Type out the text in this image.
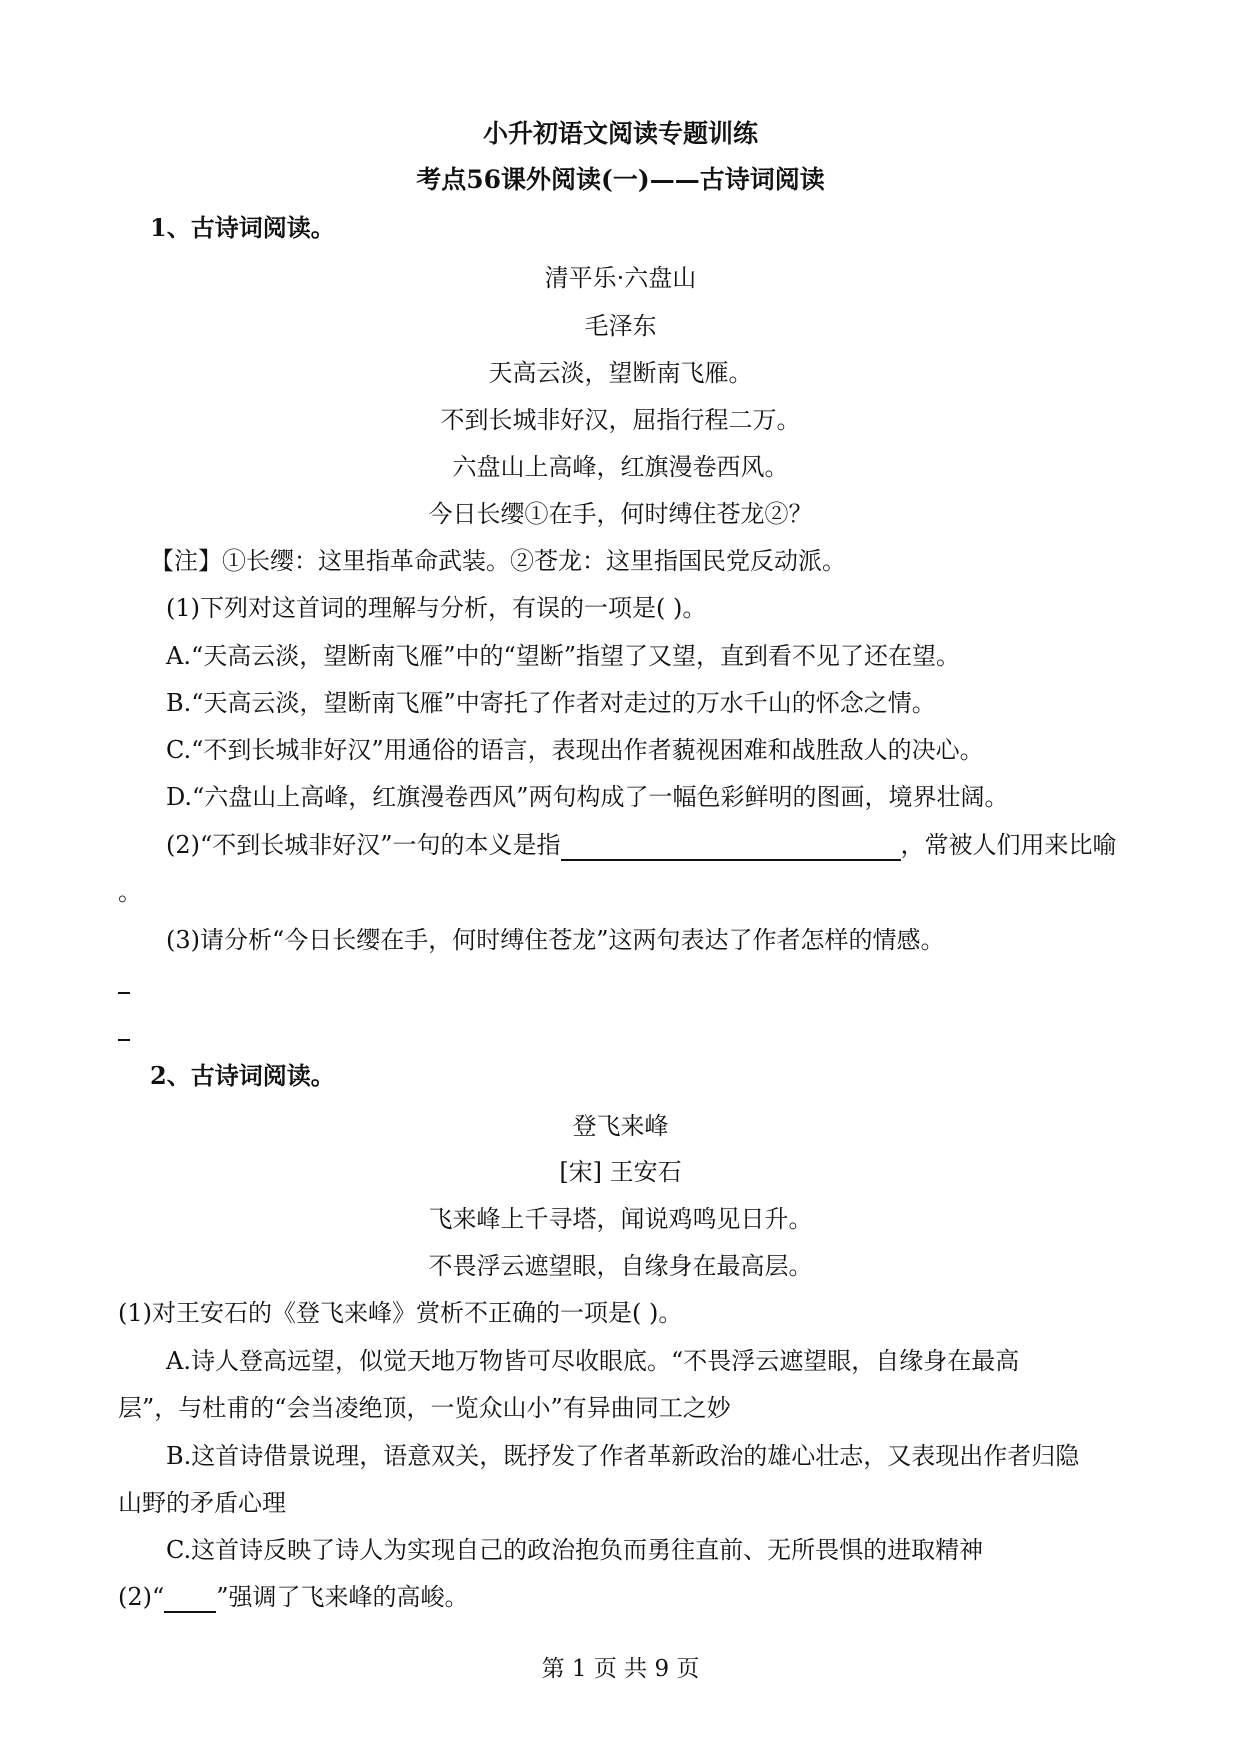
小升初语文阅读专题训练
考点56课外阅读(一)——古诗词阅读
1、古诗词阅读。
清平乐·六盘山
毛泽东
天高云淡，望断南飞雁。
不到长城非好汉，屈指行程二万。
六盘山上高峰，红旗漫卷西风。
今日长缨①在手，何时缚住苍龙②？
【注】①长缨：这里指革命武装。②苍龙：这里指国民党反动派。
(1)下列对这首词的理解与分析，有误的一项是( )。
A.“天高云淡，望断南飞雁”中的“望断”指望了又望，直到看不见了还在望。
B.“天高云淡，望断南飞雁”中寄托了作者对走过的万水千山的怀念之情。
C.“不到长城非好汉”用通俗的语言，表现出作者藐视困难和战胜敌人的决心。
D.“六盘山上高峰，红旗漫卷西风”两句构成了一幅色彩鲜明的图画，境界壮阔。
(2)“不到长城非好汉”一句的本义是指	，常被人们用来比喻
。
(3)请分析“今日长缨在手，何时缚住苍龙”这两句表达了作者怎样的情感。
2、古诗词阅读。
登飞来峰
[宋] 王安石
飞来峰上千寻塔，闻说鸡鸣见日升。
不畏浮云遮望眼，自缘身在最高层。
(1)对王安石的《登飞来峰》赏析不正确的一项是( )。
A.诗人登高远望，似觉天地万物皆可尽收眼底。“不畏浮云遮望眼，自缘身在最高
层”，与杜甫的“会当凌绝顶，一览众山小”有异曲同工之妙
B.这首诗借景说理，语意双关，既抒发了作者革新政治的雄心壮志，又表现出作者归隐
山野的矛盾心理
C.这首诗反映了诗人为实现自己的政治抱负而勇往直前、无所畏惧的进取精神
(2)“ ”强调了飞来峰的高峻。
第 1 页 共 9 页
